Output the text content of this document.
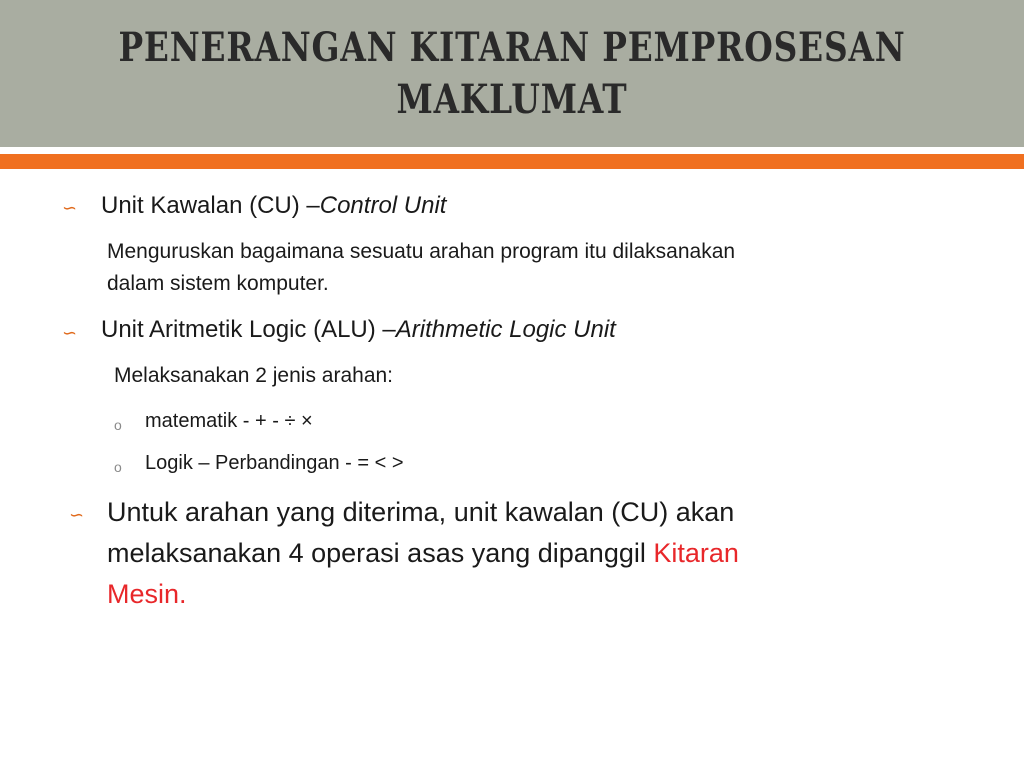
PENERANGAN KITARAN PEMPROSESAN
MAKLUMAT
∽ Unit Kawalan (CU) –Control Unit
Menguruskan bagaimana sesuatu arahan program itu dilaksanakan
dalam sistem komputer.
∽ Unit Aritmetik Logic (ALU) –Arithmetic Logic Unit
Melaksanakan 2 jenis arahan:
o matematik - + - ÷ ×
o Logik – Perbandingan - = < >
∽ Untuk arahan yang diterima, unit kawalan (CU) akan
melaksanakan 4 operasi asas yang dipanggil Kitaran
Mesin.
